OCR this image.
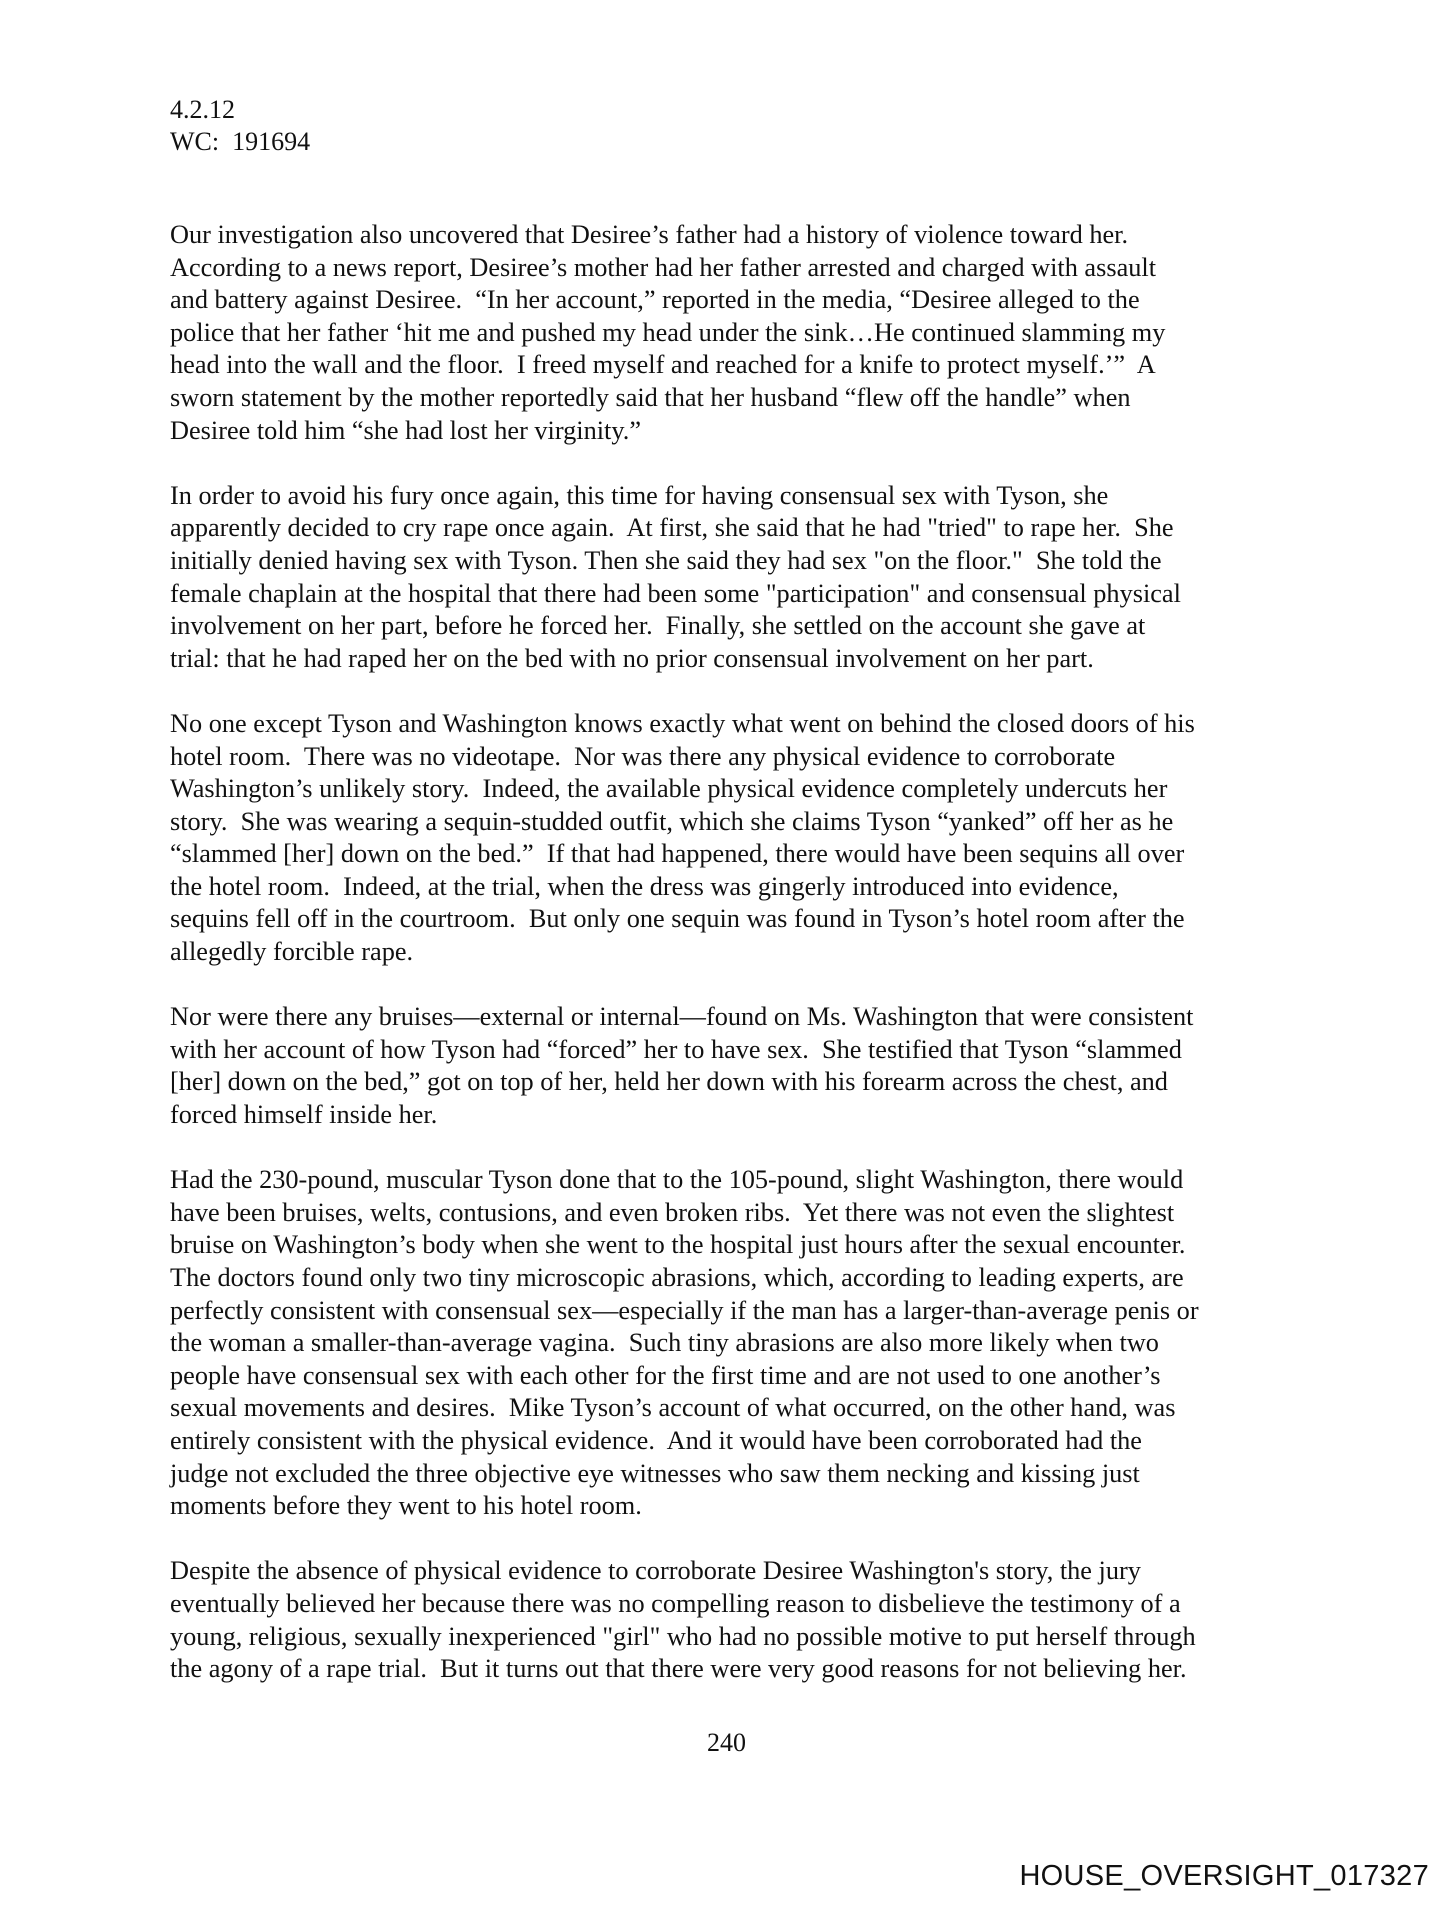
4.2.12
WC:  191694
Our investigation also uncovered that Desiree’s father had a history of violence toward her.
According to a news report, Desiree’s mother had her father arrested and charged with assault
and battery against Desiree.  “In her account,” reported in the media, “Desiree alleged to the
police that her father ‘hit me and pushed my head under the sink…He continued slamming my
head into the wall and the floor.  I freed myself and reached for a knife to protect myself.’”  A
sworn statement by the mother reportedly said that her husband “flew off the handle” when
Desiree told him “she had lost her virginity.”
In order to avoid his fury once again, this time for having consensual sex with Tyson, she
apparently decided to cry rape once again.  At first, she said that he had "tried" to rape her.  She
initially denied having sex with Tyson. Then she said they had sex "on the floor."  She told the
female chaplain at the hospital that there had been some "participation" and consensual physical
involvement on her part, before he forced her.  Finally, she settled on the account she gave at
trial: that he had raped her on the bed with no prior consensual involvement on her part.
No one except Tyson and Washington knows exactly what went on behind the closed doors of his
hotel room.  There was no videotape.  Nor was there any physical evidence to corroborate
Washington’s unlikely story.  Indeed, the available physical evidence completely undercuts her
story.  She was wearing a sequin-studded outfit, which she claims Tyson “yanked” off her as he
“slammed [her] down on the bed.”  If that had happened, there would have been sequins all over
the hotel room.  Indeed, at the trial, when the dress was gingerly introduced into evidence,
sequins fell off in the courtroom.  But only one sequin was found in Tyson’s hotel room after the
allegedly forcible rape.
Nor were there any bruises—external or internal—found on Ms. Washington that were consistent
with her account of how Tyson had “forced” her to have sex.  She testified that Tyson “slammed
[her] down on the bed,” got on top of her, held her down with his forearm across the chest, and
forced himself inside her.
Had the 230-pound, muscular Tyson done that to the 105-pound, slight Washington, there would
have been bruises, welts, contusions, and even broken ribs.  Yet there was not even the slightest
bruise on Washington’s body when she went to the hospital just hours after the sexual encounter.
The doctors found only two tiny microscopic abrasions, which, according to leading experts, are
perfectly consistent with consensual sex—especially if the man has a larger-than-average penis or
the woman a smaller-than-average vagina.  Such tiny abrasions are also more likely when two
people have consensual sex with each other for the first time and are not used to one another’s
sexual movements and desires.  Mike Tyson’s account of what occurred, on the other hand, was
entirely consistent with the physical evidence.  And it would have been corroborated had the
judge not excluded the three objective eye witnesses who saw them necking and kissing just
moments before they went to his hotel room.
Despite the absence of physical evidence to corroborate Desiree Washington's story, the jury
eventually believed her because there was no compelling reason to disbelieve the testimony of a
young, religious, sexually inexperienced "girl" who had no possible motive to put herself through
the agony of a rape trial.  But it turns out that there were very good reasons for not believing her.
240
HOUSE_OVERSIGHT_017327
